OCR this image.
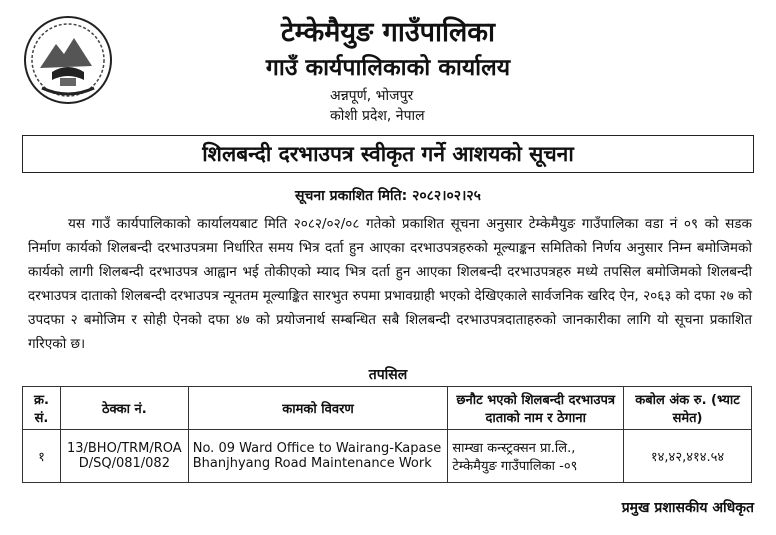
टेम्केमैयुङ गाउँपालिका
गाउँ कार्यपालिकाको कार्यालय
अन्नपूर्ण, भोजपुर
कोशी प्रदेश, नेपाल
शिलबन्दी दरभाउपत्र स्वीकृत गर्ने आशयको सूचना
सूचना प्रकाशित मिति: २०८२।०२।२५
यस गाउँ कार्यपालिकाको कार्यालयबाट मिति २०८२/०२/०८ गतेको प्रकाशित सूचना अनुसार टेम्केमैयुङ गाउँपालिका वडा नं ०९ को सडक निर्माण कार्यको शिलबन्दी दरभाउपत्रमा निर्धारित समय भित्र दर्ता हुन आएका दरभाउपत्रहरुको मूल्याङ्कन समितिको निर्णय अनुसार निम्न बमोजिमको कार्यको लागी शिलबन्दी दरभाउपत्र आह्वान भई तोकीएको म्याद भित्र दर्ता हुन आएका शिलबन्दी दरभाउपत्रहरु मध्ये तपसिल बमोजिमको शिलबन्दी दरभाउपत्र दाताको शिलबन्दी दरभाउपत्र न्यूनतम मूल्याङ्कित सारभुत रुपमा प्रभावग्राही भएको देखिएकाले सार्वजनिक खरिद ऐन, २०६३ को दफा २७ को उपदफा २ बमोजिम र सोही ऐनको दफा ४७ को प्रयोजनार्थ सम्बन्धित सबै शिलबन्दी दरभाउपत्रदाताहरुको जानकारीका लागि यो सूचना प्रकाशित गरिएको छ।
तपसिल
क्र. सं.	ठेक्का नं.	कामको विवरण	छनौट भएको शिलबन्दी दरभाउपत्र दाताको नाम र ठेगाना	कबोल अंक रु. (भ्याट समेत)
१	13/BHO/TRM/ROAD/SQ/081/082	No. 09 Ward Office to Wairang-Kapase Bhanjhyang Road Maintenance Work	साम्खा कन्स्ट्रक्सन प्रा.लि., टेम्केमैयुङ गाउँपालिका -०९	१४,४२,४१४.५४
प्रमुख प्रशासकीय अधिकृत
